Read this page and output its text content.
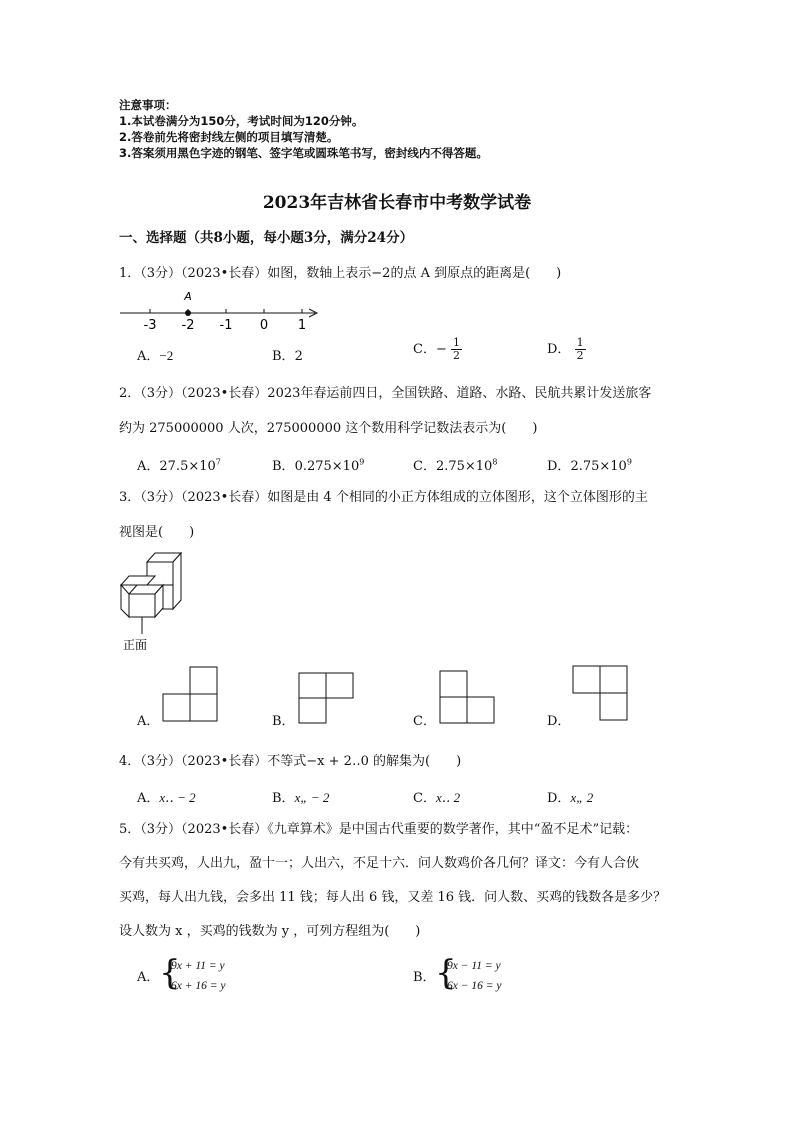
注意事项：
1.本试卷满分为150分，考试时间为120分钟。
2.答卷前先将密封线左侧的项目填写清楚。
3.答案须用黑色字迹的钢笔、签字笔或圆珠笔书写，密封线内不得答题。
2023年吉林省长春市中考数学试卷
一、选择题（共8小题，每小题3分，满分24分）
1．（3分）（2023•长春）如图，数轴上表示−2的点 A 到原点的距离是(　　)
A
-3 -2 -1 0 1
A．−2	B．2	C．− $\frac{1}{2}$	D． $\frac{1}{2}$
2．（3分）（2023•长春）2023年春运前四日，全国铁路、道路、水路、民航共累计发送旅客
约为 275000000 人次，275000000 这个数用科学记数法表示为(　　)
A．$27.5\times 10^7$	B．$0.275\times 10^9$	C．$2.75\times 10^8$	D．$2.75\times 10^9$
3．（3分）（2023•长春）如图是由 4 个相同的小正方体组成的立体图形，这个立体图形的主
视图是(　　)
正面
A．	B．	C．	D．
4．（3分）（2023•长春）不等式−x + 2‥0 的解集为(　　)
A．x‥ − 2	B．x„ − 2	C．x‥ 2	D．x„ 2
5．（3分）（2023•长春）《九章算术》是中国古代重要的数学著作，其中“盈不足术”记载：
今有共买鸡，人出九，盈十一；人出六，不足十六．问人数鸡价各几何？译文：今有人合伙
买鸡，每人出九钱，会多出 11 钱；每人出 6 钱，又差 16 钱．问人数、买鸡的钱数各是多少？
设人数为 x ，买鸡的钱数为 y ，可列方程组为(　　)
A． {
9x + 11 = y
6x + 16 = y
B． {
9x − 11 = y
6x − 16 = y
